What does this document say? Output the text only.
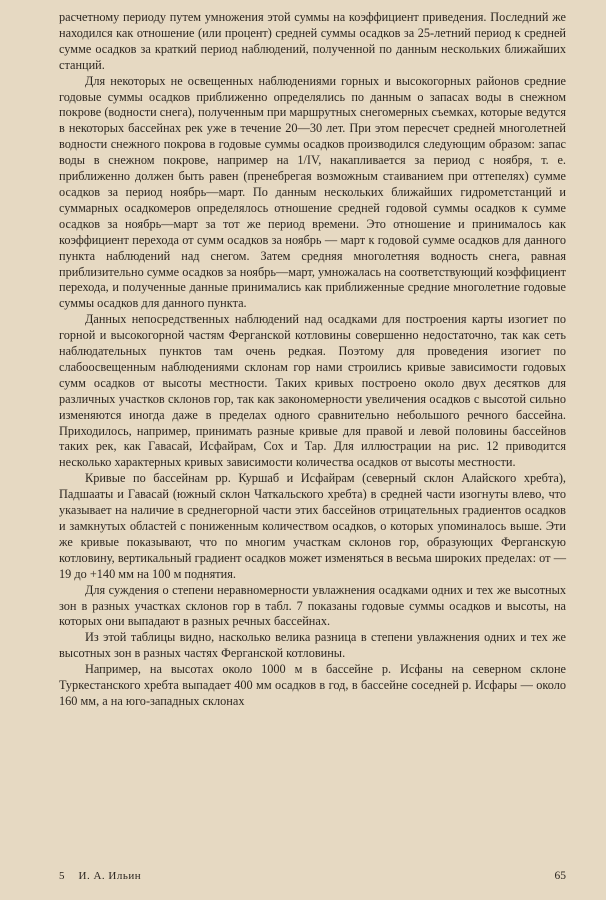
расчетному периоду путем умножения этой суммы на коэффициент приведения. Последний же находился как отношение (или процент) средней суммы осадков за 25-летний период к средней сумме осадков за краткий период наблюдений, полученной по данным нескольких ближайших станций.

Для некоторых не освещенных наблюдениями горных и высокогорных районов средние годовые суммы осадков приближенно определялись по данным о запасах воды в снежном покрове (водности снега), полученным при маршрутных снегомерных съемках, которые ведутся в некоторых бассейнах рек уже в течение 20—30 лет. При этом пересчет средней многолетней водности снежного покрова в годовые суммы осадков производился следующим образом: запас воды в снежном покрове, например на 1/IV, накапливается за период с ноября, т. е. приближенно должен быть равен (пренебрегая возможным стаиванием при оттепелях) сумме осадков за период ноябрь—март. По данным нескольких ближайших гидрометстанций и суммарных осадкомеров определялось отношение средней годовой суммы осадков к сумме осадков за ноябрь—март за тот же период времени. Это отношение и принималось как коэффициент перехода от сумм осадков за ноябрь — март к годовой сумме осадков для данного пункта наблюдений над снегом. Затем средняя многолетняя водность снега, равная приблизительно сумме осадков за ноябрь—март, умножалась на соответствующий коэффициент перехода, и полученные данные принимались как приближенные средние многолетние годовые суммы осадков для данного пункта.

Данных непосредственных наблюдений над осадками для построения карты изогиет по горной и высокогорной частям Ферганской котловины совершенно недостаточно, так как сеть наблюдательных пунктов там очень редкая. Поэтому для проведения изогиет по слабоосвещенным наблюдениями склонам гор нами строились кривые зависимости годовых сумм осадков от высоты местности. Таких кривых построено около двух десятков для различных участков склонов гор, так как закономерности увеличения осадков с высотой сильно изменяются иногда даже в пределах одного сравнительно небольшого речного бассейна. Приходилось, например, принимать разные кривые для правой и левой половины бассейнов таких рек, как Гавасай, Исфайрам, Сох и Тар. Для иллюстрации на рис. 12 приводится несколько характерных кривых зависимости количества осадков от высоты местности.

Кривые по бассейнам рр. Куршаб и Исфайрам (северный склон Алайского хребта), Падшааты и Гавасай (южный склон Чаткальского хребта) в средней части изогнуты влево, что указывает на наличие в среднегорной части этих бассейнов отрицательных градиентов осадков и замкнутых областей с пониженным количеством осадков, о которых упоминалось выше. Эти же кривые показывают, что по многим участкам склонов гор, образующих Ферганскую котловину, вертикальный градиент осадков может изменяться в весьма широких пределах: от —19 до +140 мм на 100 м поднятия.

Для суждения о степени неравномерности увлажнения осадками одних и тех же высотных зон в разных участках склонов гор в табл. 7 показаны годовые суммы осадков и высоты, на которых они выпадают в разных речных бассейнах.

Из этой таблицы видно, насколько велика разница в степени увлажнения одних и тех же высотных зон в разных частях Ферганской котловины.

Например, на высотах около 1000 м в бассейне р. Исфаны на северном склоне Туркестанского хребта выпадает 400 мм осадков в год, в бассейне соседней р. Исфары — около 160 мм, а на юго-западных склонах

5 И. А. Ильин	65
